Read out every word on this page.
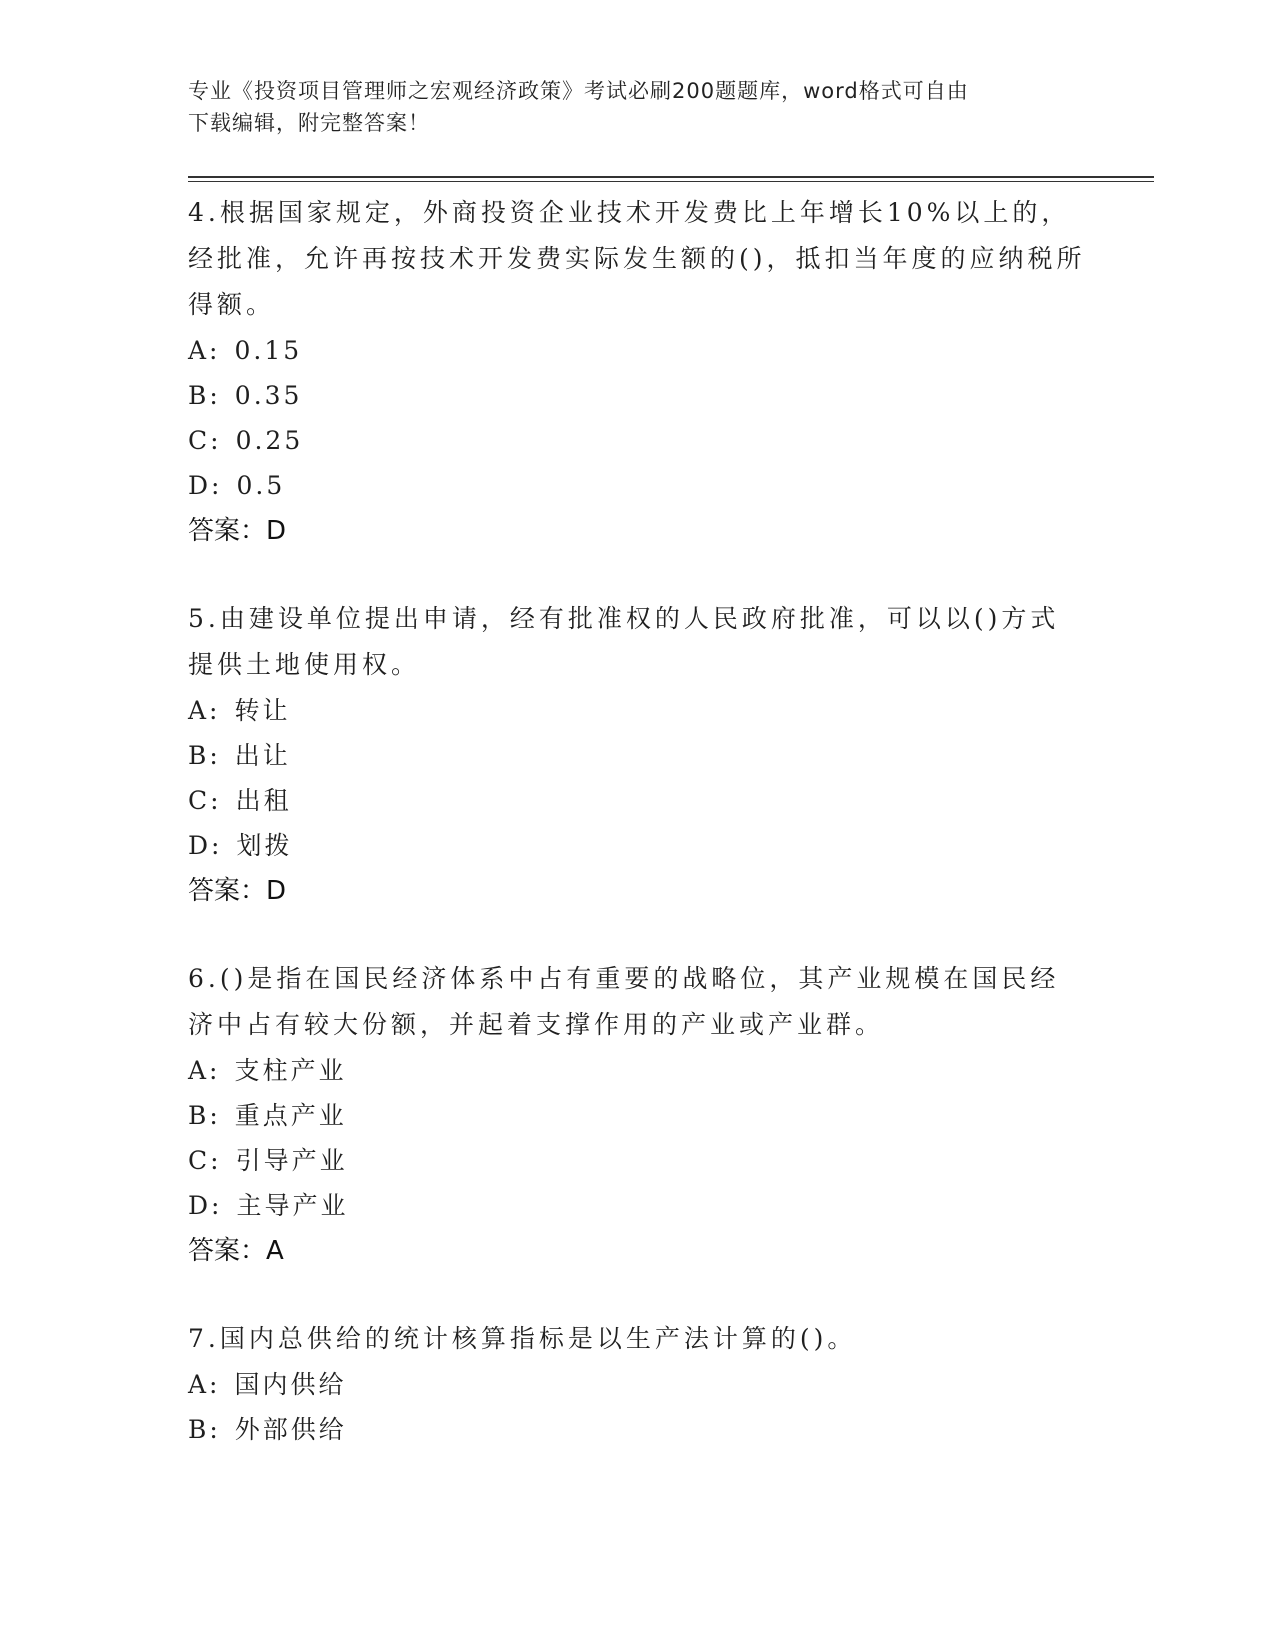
专业《投资项目管理师之宏观经济政策》考试必刷200题题库，word格式可自由
下载编辑，附完整答案！

4.根据国家规定，外商投资企业技术开发费比上年增长10%以上的，经批准，允许再按技术开发费实际发生额的()，抵扣当年度的应纳税所得额。

A: 0.15

B: 0.35

C: 0.25

D: 0.5

答案：D

5.由建设单位提出申请，经有批准权的人民政府批准，可以以()方式提供土地使用权。

A: 转让

B: 出让

C: 出租

D: 划拨

答案：D

6.()是指在国民经济体系中占有重要的战略位，其产业规模在国民经济中占有较大份额，并起着支撑作用的产业或产业群。

A: 支柱产业

B: 重点产业

C: 引导产业

D: 主导产业

答案：A

7.国内总供给的统计核算指标是以生产法计算的()。

A: 国内供给

B: 外部供给
